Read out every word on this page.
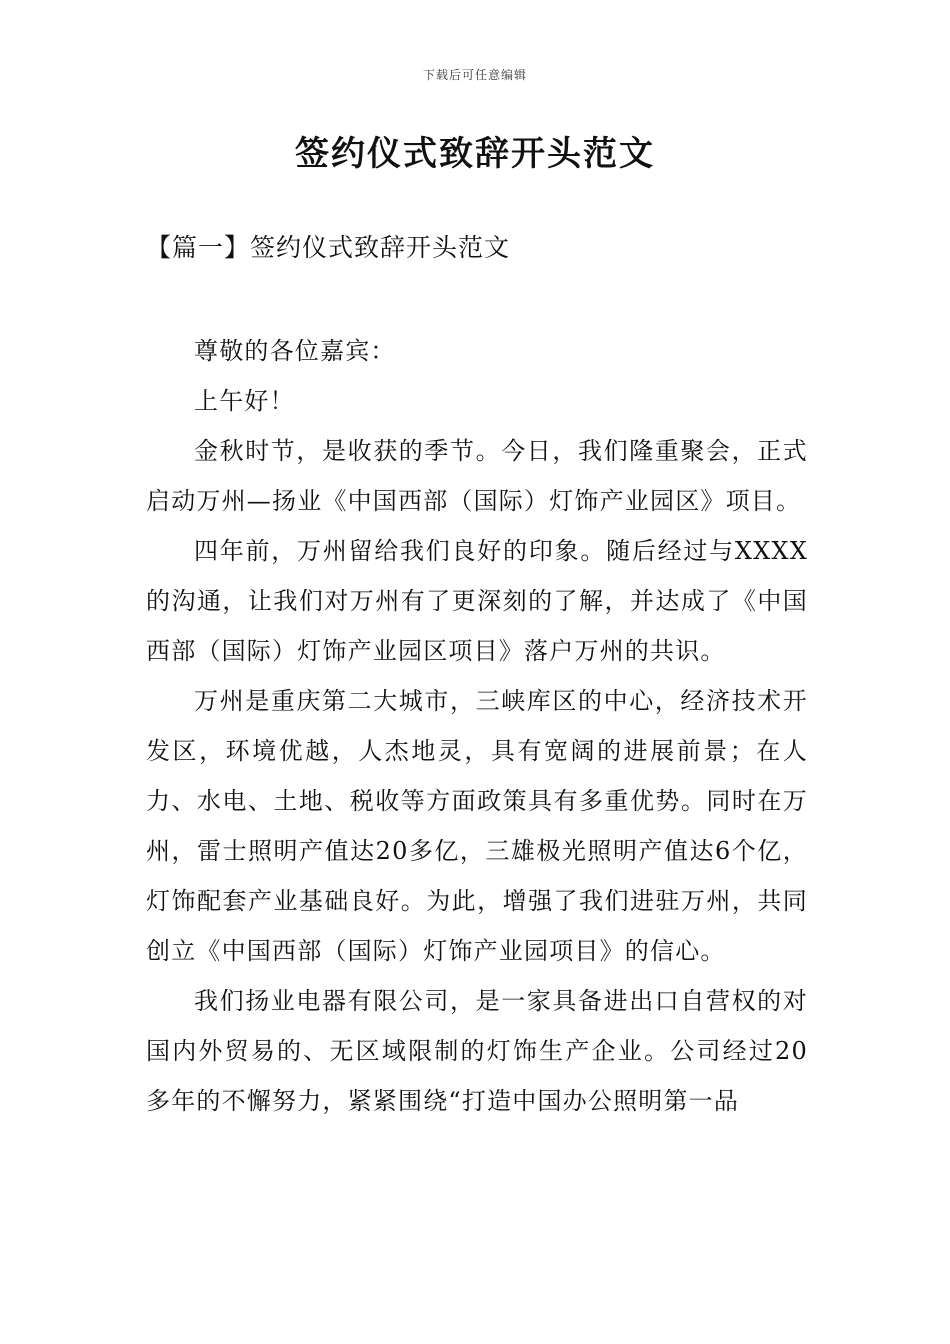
下载后可任意编辑
签约仪式致辞开头范文
【篇一】签约仪式致辞开头范文

尊敬的各位嘉宾：

上午好！

金秋时节，是收获的季节。今日，我们隆重聚会，正式启动万州—扬业《中国西部（国际）灯饰产业园区》项目。

四年前，万州留给我们良好的印象。随后经过与XXXX的沟通，让我们对万州有了更深刻的了解，并达成了《中国西部（国际）灯饰产业园区项目》落户万州的共识。

万州是重庆第二大城市，三峡库区的中心，经济技术开发区，环境优越，人杰地灵，具有宽阔的进展前景；在人力、水电、土地、税收等方面政策具有多重优势。同时在万州，雷士照明产值达20多亿，三雄极光照明产值达6个亿，灯饰配套产业基础良好。为此，增强了我们进驻万州，共同创立《中国西部（国际）灯饰产业园项目》的信心。

我们扬业电器有限公司，是一家具备进出口自营权的对国内外贸易的、无区域限制的灯饰生产企业。公司经过20多年的不懈努力，紧紧围绕“打造中国办公照明第一品
